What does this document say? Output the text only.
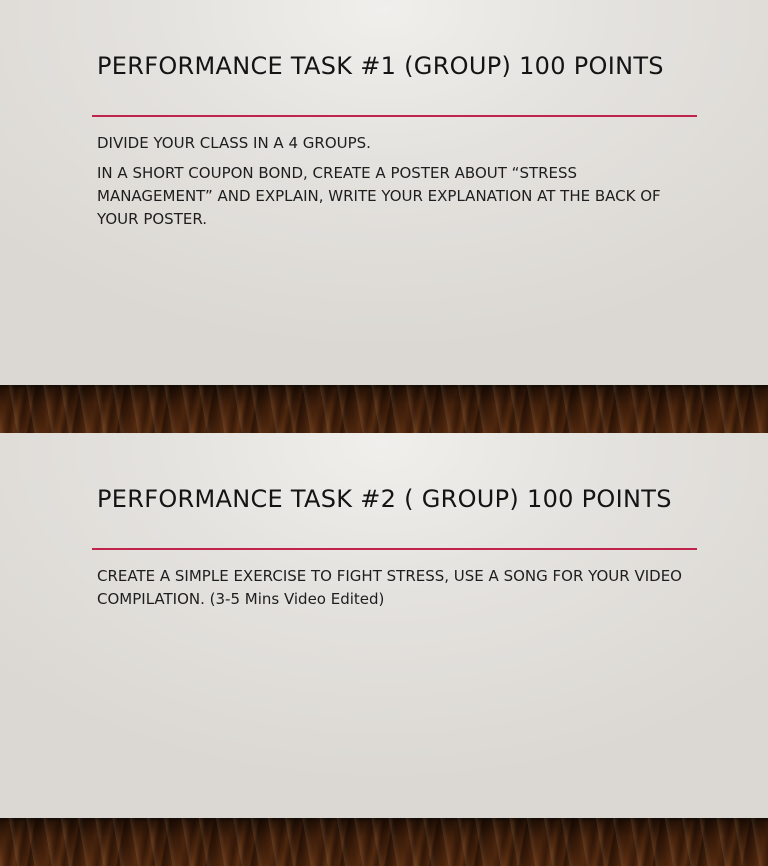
PERFORMANCE TASK #1 (GROUP) 100 POINTS

DIVIDE YOUR CLASS IN A 4 GROUPS.

IN A SHORT COUPON BOND, CREATE A POSTER ABOUT “STRESS MANAGEMENT” AND EXPLAIN, WRITE YOUR EXPLANATION AT THE BACK OF YOUR POSTER.

PERFORMANCE TASK #2 ( GROUP) 100 POINTS

CREATE A SIMPLE EXERCISE TO FIGHT STRESS, USE A SONG FOR YOUR VIDEO COMPILATION. (3-5 Mins Video Edited)
